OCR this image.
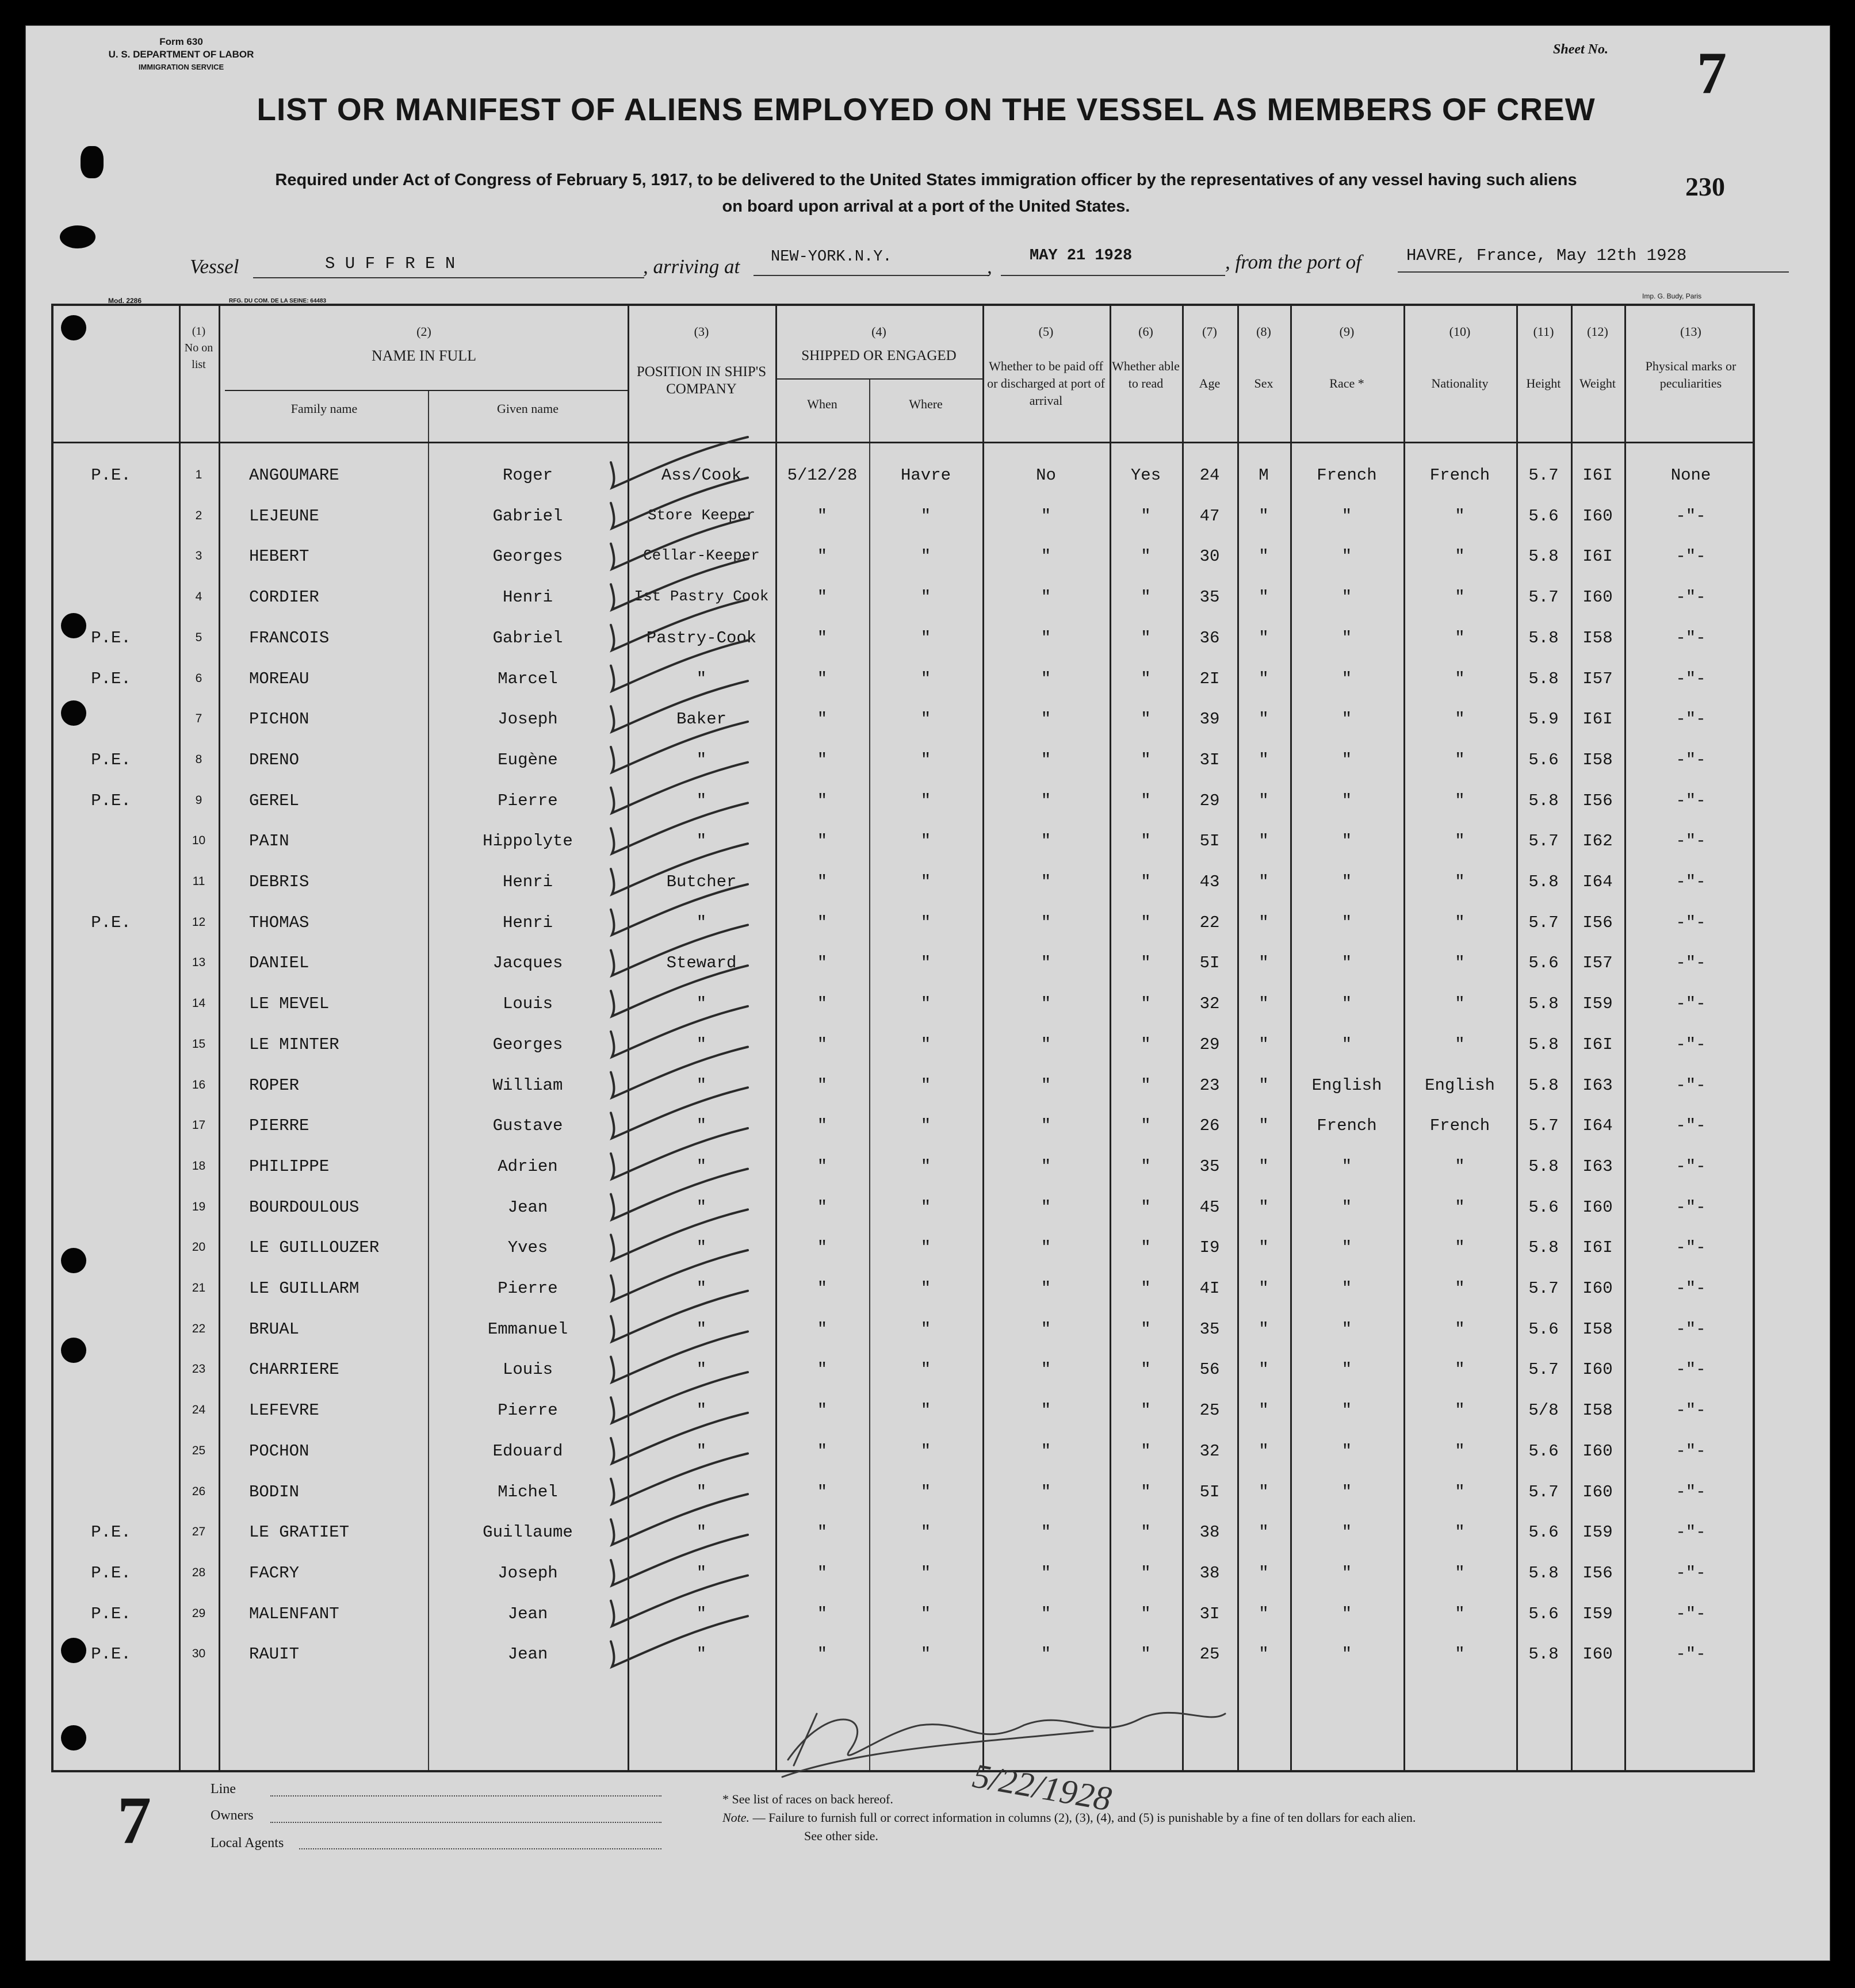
Form 630
U. S. DEPARTMENT OF LABOR
IMMIGRATION SERVICE
Sheet No. 7
LIST OR MANIFEST OF ALIENS EMPLOYED ON THE VESSEL AS MEMBERS OF CREW
Required under Act of Congress of February 5, 1917, to be delivered to the United States immigration officer by the representatives of any vessel having such aliens
on board upon arrival at a port of the United States.
230
Vessel	S U F F R E N	, arriving at NEW-YORK.N.Y.	, MAY 21 1928	, from the port of	HAVRE, France, May 12th 1928
Mod. 2286	RFG. DU COM. DE LA SEINE: 64483
Imp. G. Budy, Paris
(1)
No on list
(2)
NAME IN FULL
Family name	Given name
(3)
POSITION IN SHIP'S COMPANY
(4)
SHIPPED OR ENGAGED
When	Where
(5)
Whether to be paid off or discharged at port of arrival
(6)
Whether able to read
(7)
Age
(8)
Sex
(9)
Race *
(10)
Nationality
(11)
Height
(12)
Weight
(13)
Physical marks or peculiarities
P.E.	1	ANGOUMARE	Roger	Ass/Cook	5/12/28	Havre	No	Yes	24	M	French	French	5.7	I6I	None
2	LEJEUNE	Gabriel	Store Keeper	"	"	"	"	47	"	"	"	5.6	I60	-"-
3	HEBERT	Georges	Cellar-Keeper	"	"	"	"	30	"	"	"	5.8	I6I	-"-
4	CORDIER	Henri	Ist Pastry Cook	"	"	"	"	35	"	"	"	5.7	I60	-"-
P.E.	5	FRANCOIS	Gabriel	Pastry-Cook	"	"	"	"	36	"	"	"	5.8	I58	-"-
P.E.	6	MOREAU	Marcel	"	"	"	"	"	2I	"	"	"	5.8	I57	-"-
7	PICHON	Joseph	Baker	"	"	"	"	39	"	"	"	5.9	I6I	-"-
P.E.	8	DRENO	Eugène	"	"	"	"	"	3I	"	"	"	5.6	I58	-"-
P.E.	9	GEREL	Pierre	"	"	"	"	"	29	"	"	"	5.8	I56	-"-
10	PAIN	Hippolyte	"	"	"	"	"	5I	"	"	"	5.7	I62	-"-
11	DEBRIS	Henri	Butcher	"	"	"	"	43	"	"	"	5.8	I64	-"-
P.E.	12	THOMAS	Henri	"	"	"	"	"	22	"	"	"	5.7	I56	-"-
13	DANIEL	Jacques	Steward	"	"	"	"	5I	"	"	"	5.6	I57	-"-
14	LE MEVEL	Louis	"	"	"	"	"	32	"	"	"	5.8	I59	-"-
15	LE MINTER	Georges	"	"	"	"	"	29	"	"	"	5.8	I6I	-"-
16	ROPER	William	"	"	"	"	"	23	"	English	English	5.8	I63	-"-
17	PIERRE	Gustave	"	"	"	"	"	26	"	French	French	5.7	I64	-"-
18	PHILIPPE	Adrien	"	"	"	"	"	35	"	"	"	5.8	I63	-"-
19	BOURDOULOUS	Jean	"	"	"	"	"	45	"	"	"	5.6	I60	-"-
20	LE GUILLOUZER	Yves	"	"	"	"	"	I9	"	"	"	5.8	I6I	-"-
21	LE GUILLARM	Pierre	"	"	"	"	"	4I	"	"	"	5.7	I60	-"-
22	BRUAL	Emmanuel	"	"	"	"	"	35	"	"	"	5.6	I58	-"-
23	CHARRIERE	Louis	"	"	"	"	"	56	"	"	"	5.7	I60	-"-
24	LEFEVRE	Pierre	"	"	"	"	"	25	"	"	"	5/8	I58	-"-
25	POCHON	Edouard	"	"	"	"	"	32	"	"	"	5.6	I60	-"-
26	BODIN	Michel	"	"	"	"	"	5I	"	"	"	5.7	I60	-"-
P.E.	27	LE GRATIET	Guillaume	"	"	"	"	"	38	"	"	"	5.6	I59	-"-
P.E.	28	FACRY	Joseph	"	"	"	"	"	38	"	"	"	5.8	I56	-"-
P.E.	29	MALENFANT	Jean	"	"	"	"	"	3I	"	"	"	5.6	I59	-"-
P.E.	30	RAUIT	Jean	"	"	"	"	"	25	"	"	"	5.8	I60	-"-
7	Line
Owners
Local Agents
* See list of races on back hereof.
Note. — Failure to furnish full or correct information in columns (2), (3), (4), and (5) is punishable by a fine of ten dollars for each alien.
See other side.
5/22/1928
